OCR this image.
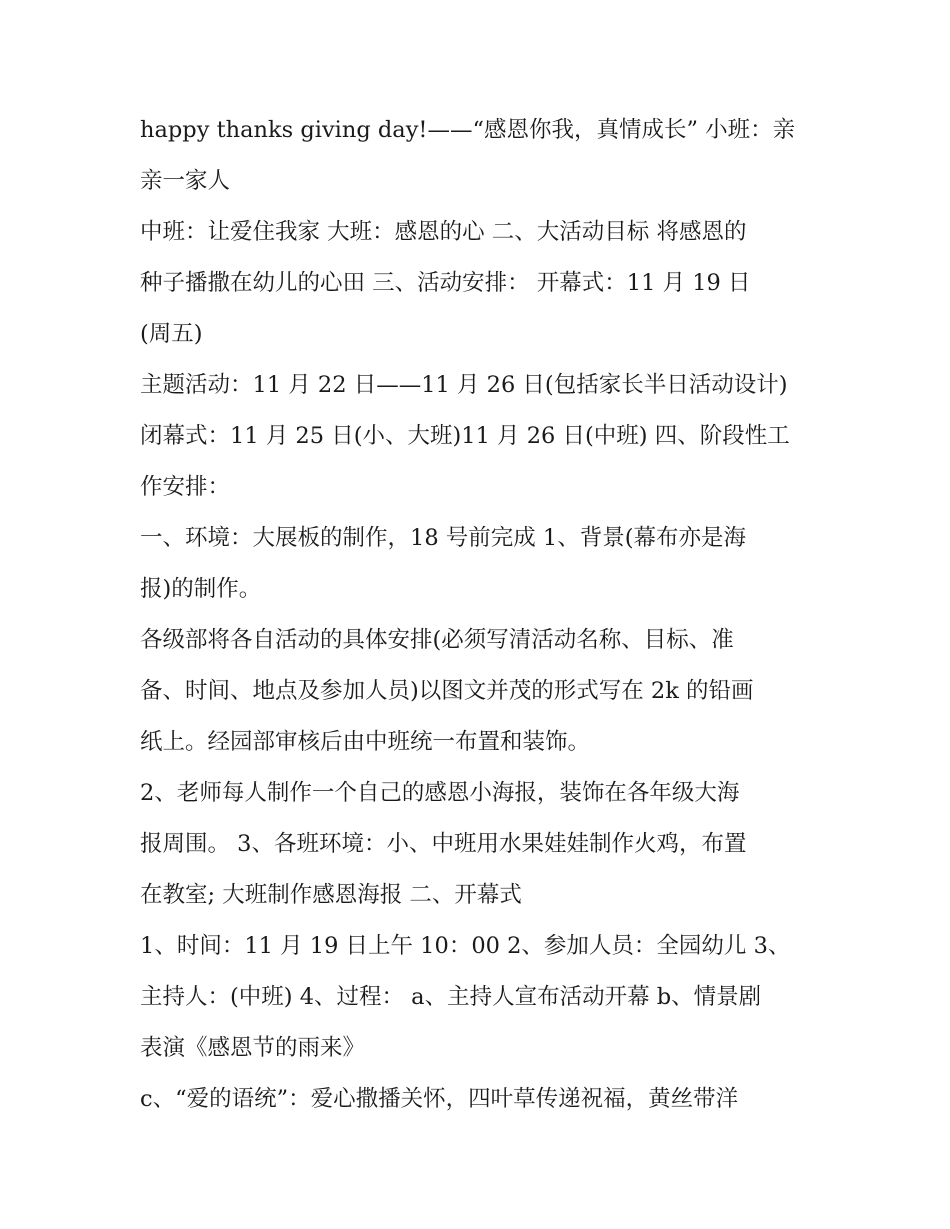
happy thanks giving day!——“感恩你我，真情成长” 小班：亲
亲一家人
中班：让爱住我家 大班：感恩的心 二、大活动目标 将感恩的
种子播撒在幼儿的心田 三、活动安排： 开幕式：11 月 19 日
(周五)
主题活动：11 月 22 日——11 月 26 日(包括家长半日活动设计)
闭幕式：11 月 25 日(小、大班)11 月 26 日(中班) 四、阶段性工
作安排：
一、环境：大展板的制作，18 号前完成 1、背景(幕布亦是海
报)的制作。
各级部将各自活动的具体安排(必须写清活动名称、目标、准
备、时间、地点及参加人员)以图文并茂的形式写在 2k 的铅画
纸上。经园部审核后由中班统一布置和装饰。
2、老师每人制作一个自己的感恩小海报，装饰在各年级大海
报周围。 3、各班环境：小、中班用水果娃娃制作火鸡，布置
在教室; 大班制作感恩海报 二、开幕式
1、时间：11 月 19 日上午 10：00 2、参加人员：全园幼儿 3、
主持人：(中班) 4、过程： a、主持人宣布活动开幕 b、情景剧
表演《感恩节的雨来》
c、“爱的语统”：爱心撒播关怀，四叶草传递祝福，黄丝带洋
